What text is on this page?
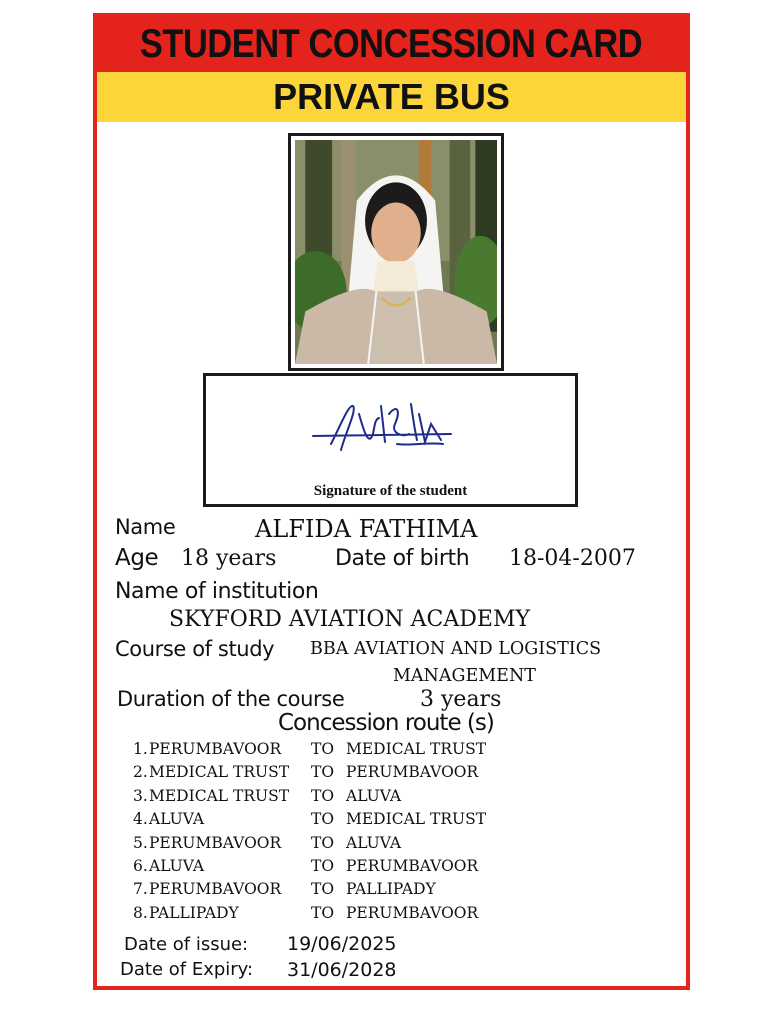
STUDENT CONCESSION CARD
PRIVATE BUS
Signature of the student
Name	ALFIDA FATHIMA
Age 18 years	Date of birth 18-04-2007
Name of institution
SKYFORD AVIATION ACADEMY
Course of study BBA AVIATION AND LOGISTICS
MANAGEMENT
Duration of the course	3 years
Concession route (s)
1. PERUMBAVOOR TO MEDICAL TRUST
2. MEDICAL TRUST TO PERUMBAVOOR
3. MEDICAL TRUST TO ALUVA
4. ALUVA	TO MEDICAL TRUST
5. PERUMBAVOOR TO ALUVA
6. ALUVA	TO PERUMBAVOOR
7. PERUMBAVOOR TO PALLIPADY
8. PALLIPADY	TO PERUMBAVOOR
Date of issue: 19/06/2025
Date of Expiry: 31/06/2028
